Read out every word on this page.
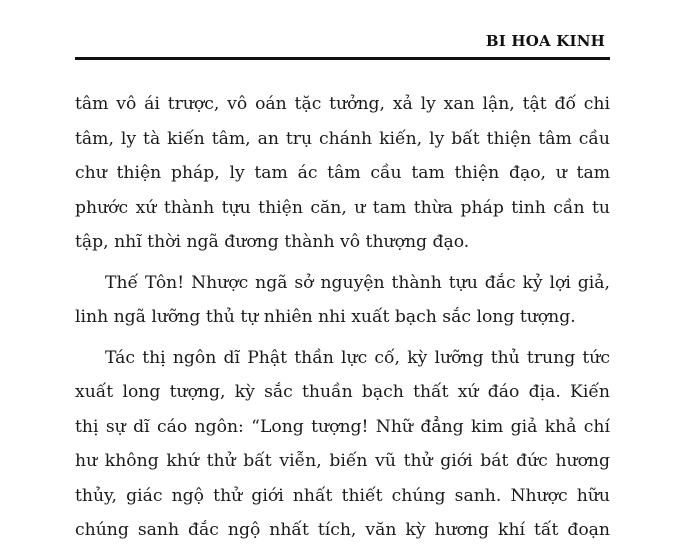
BI HOA KINH
tâm vô ái trược, vô oán tặc tưởng, xả ly xan lận, tật đố chi
tâm, ly tà kiến tâm, an trụ chánh kiến, ly bất thiện tâm cầu
chư thiện pháp, ly tam ác tâm cầu tam thiện đạo, ư tam
phước xứ thành tựu thiện căn, ư tam thừa pháp tinh cần tu
tập, nhĩ thời ngã đương thành vô thượng đạo.
Thế Tôn! Nhược ngã sở nguyện thành tựu đắc kỷ lợi giả,
linh ngã lưỡng thủ tự nhiên nhi xuất bạch sắc long tượng.
Tác thị ngôn dĩ Phật thần lực cố, kỳ lưỡng thủ trung tức
xuất long tượng, kỳ sắc thuần bạch thất xứ đáo địa. Kiến
thị sự dĩ cáo ngôn: “Long tượng! Nhữ đẳng kim giả khả chí
hư không khứ thử bất viễn, biến vũ thử giới bát đức hương
thủy, giác ngộ thử giới nhất thiết chúng sanh. Nhược hữu
chúng sanh đắc ngộ nhất tích, văn kỳ hương khí tất đoạn
